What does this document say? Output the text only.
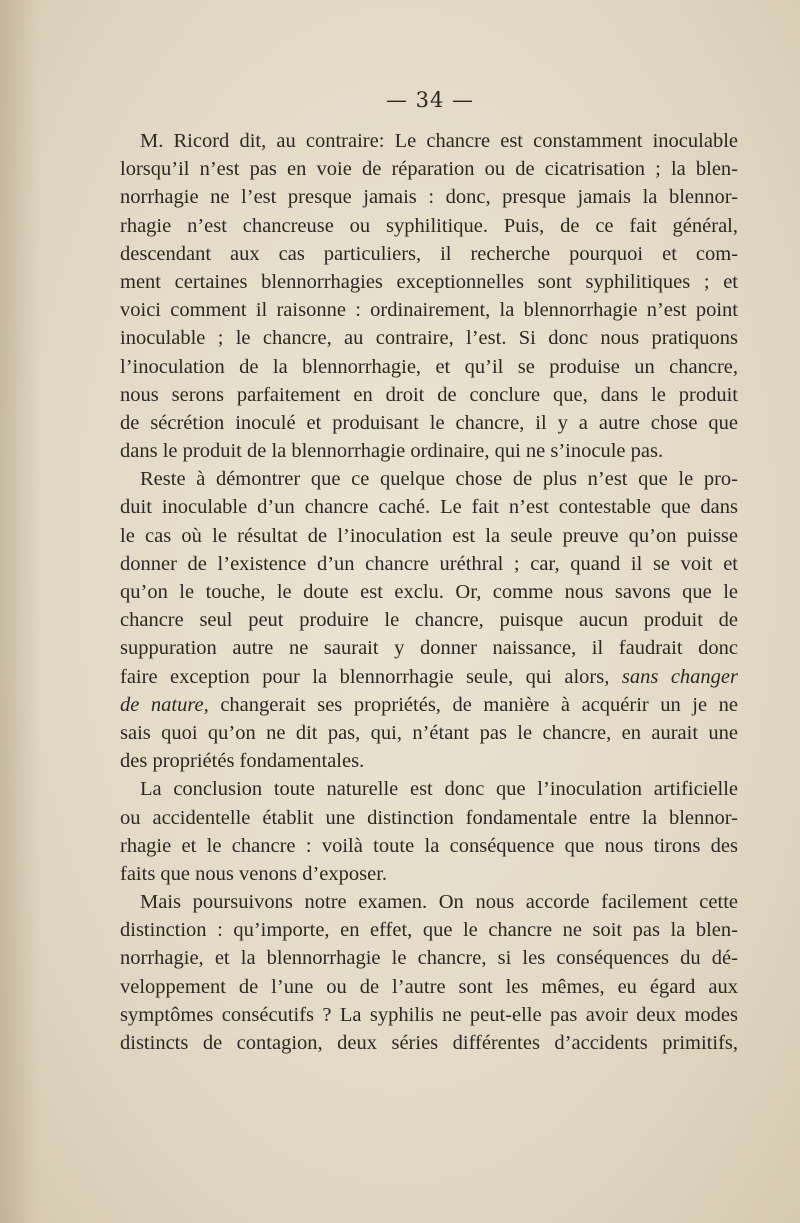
— 34 —
M. Ricord dit, au contraire: Le chancre est constamment inoculable
lorsqu’il n’est pas en voie de réparation ou de cicatrisation ; la blen-
norrhagie ne l’est presque jamais : donc, presque jamais la blennor-
rhagie n’est chancreuse ou syphilitique. Puis, de ce fait général,
descendant aux cas particuliers, il recherche pourquoi et com-
ment certaines blennorrhagies exceptionnelles sont syphilitiques ; et
voici comment il raisonne : ordinairement, la blennorrhagie n’est point
inoculable ; le chancre, au contraire, l’est. Si donc nous pratiquons
l’inoculation de la blennorrhagie, et qu’il se produise un chancre,
nous serons parfaitement en droit de conclure que, dans le produit
de sécrétion inoculé et produisant le chancre, il y a autre chose que
dans le produit de la blennorrhagie ordinaire, qui ne s’inocule pas.
Reste à démontrer que ce quelque chose de plus n’est que le pro-
duit inoculable d’un chancre caché. Le fait n’est contestable que dans
le cas où le résultat de l’inoculation est la seule preuve qu’on puisse
donner de l’existence d’un chancre uréthral ; car, quand il se voit et
qu’on le touche, le doute est exclu. Or, comme nous savons que le
chancre seul peut produire le chancre, puisque aucun produit de
suppuration autre ne saurait y donner naissance, il faudrait donc
faire exception pour la blennorrhagie seule, qui alors, sans changer
de nature, changerait ses propriétés, de manière à acquérir un je ne
sais quoi qu’on ne dit pas, qui, n’étant pas le chancre, en aurait une
des propriétés fondamentales.
La conclusion toute naturelle est donc que l’inoculation artificielle
ou accidentelle établit une distinction fondamentale entre la blennor-
rhagie et le chancre : voilà toute la conséquence que nous tirons des
faits que nous venons d’exposer.
Mais poursuivons notre examen. On nous accorde facilement cette
distinction : qu’importe, en effet, que le chancre ne soit pas la blen-
norrhagie, et la blennorrhagie le chancre, si les conséquences du dé-
veloppement de l’une ou de l’autre sont les mêmes, eu égard aux
symptômes consécutifs ? La syphilis ne peut-elle pas avoir deux modes
distincts de contagion, deux séries différentes d’accidents primitifs,
